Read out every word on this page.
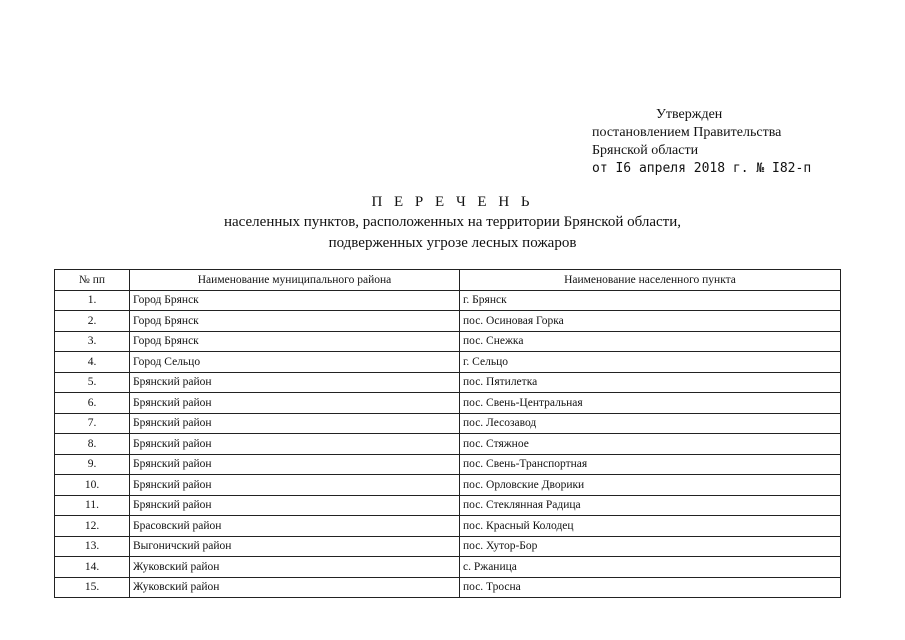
Утвержден
постановлением Правительства
Брянской области
от I6 апреля 2018 г. № I82-п
П Е Р Е Ч Е Н Ь
населенных пунктов, расположенных на территории Брянской области,
подверженных угрозе лесных пожаров
№ пп	Наименование муниципального района	Наименование населенного пункта
1.	Город Брянск	г. Брянск
2.	Город Брянск	пос. Осиновая Горка
3.	Город Брянск	пос. Снежка
4.	Город Сельцо	г. Сельцо
5.	Брянский район	пос. Пятилетка
6.	Брянский район	пос. Свень-Центральная
7.	Брянский район	пос. Лесозавод
8.	Брянский район	пос. Стяжное
9.	Брянский район	пос. Свень-Транспортная
10.	Брянский район	пос. Орловские Дворики
11.	Брянский район	пос. Стеклянная Радица
12.	Брасовский район	пос. Красный Колодец
13.	Выгоничский район	пос. Хутор-Бор
14.	Жуковский район	с. Ржаница
15.	Жуковский район	пос. Тросна
